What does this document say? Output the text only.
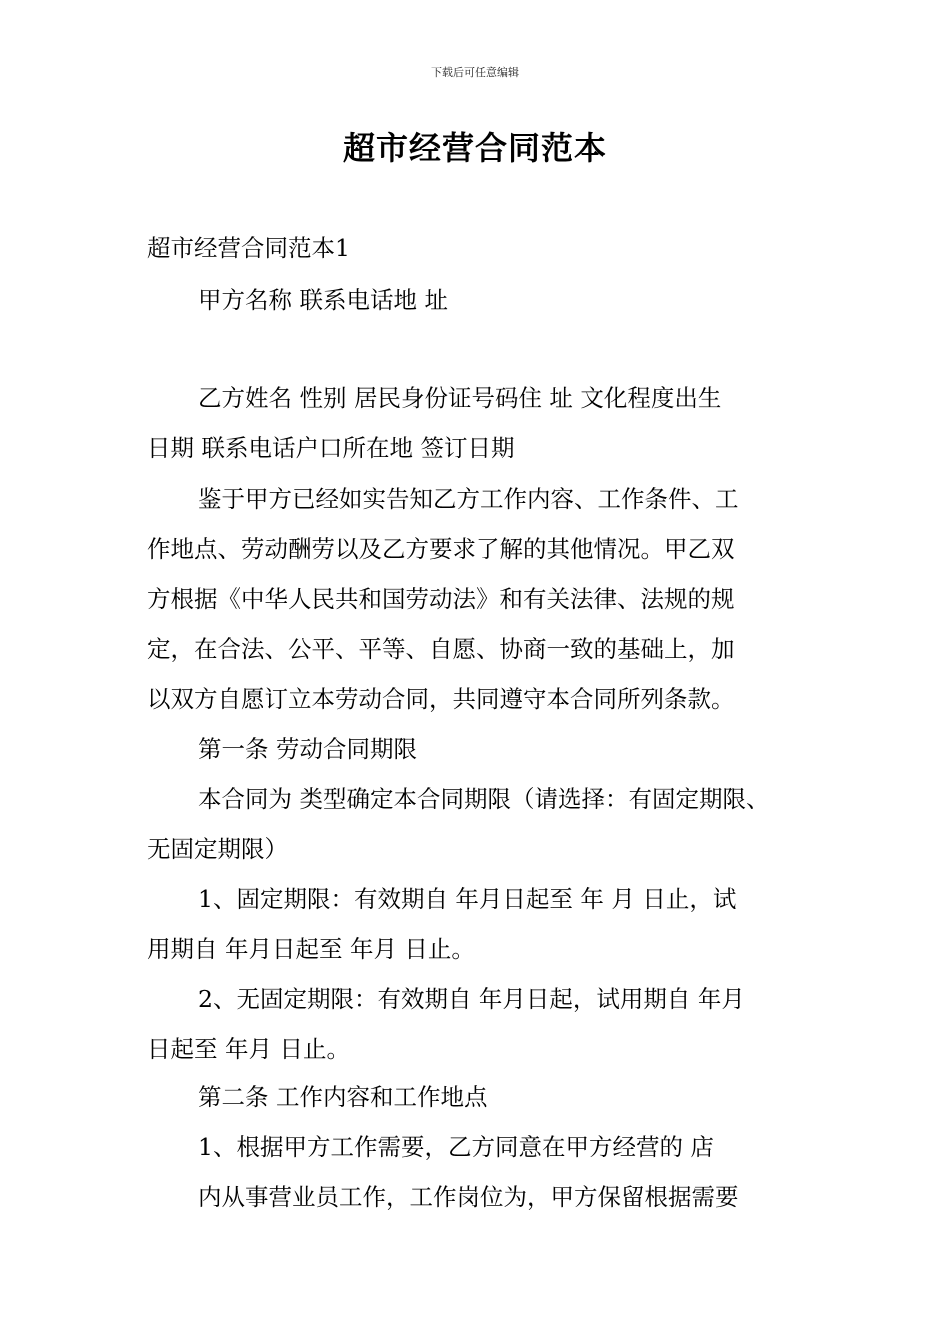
下载后可任意编辑
超市经营合同范本
超市经营合同范本1
甲方名称 联系电话地 址
乙方姓名 性别 居民身份证号码住 址 文化程度出生
日期 联系电话户口所在地 签订日期
鉴于甲方已经如实告知乙方工作内容、工作条件、工
作地点、劳动酬劳以及乙方要求了解的其他情况。甲乙双
方根据《中华人民共和国劳动法》和有关法律、法规的规
定，在合法、公平、平等、自愿、协商一致的基础上，加
以双方自愿订立本劳动合同，共同遵守本合同所列条款。
第一条 劳动合同期限
本合同为 类型确定本合同期限（请选择：有固定期限、
无固定期限）
1、固定期限：有效期自 年月日起至 年 月 日止，试
用期自 年月日起至 年月 日止。
2、无固定期限：有效期自 年月日起，试用期自 年月
日起至 年月 日止。
第二条 工作内容和工作地点
1、根据甲方工作需要，乙方同意在甲方经营的 店
内从事营业员工作，工作岗位为，甲方保留根据需要
